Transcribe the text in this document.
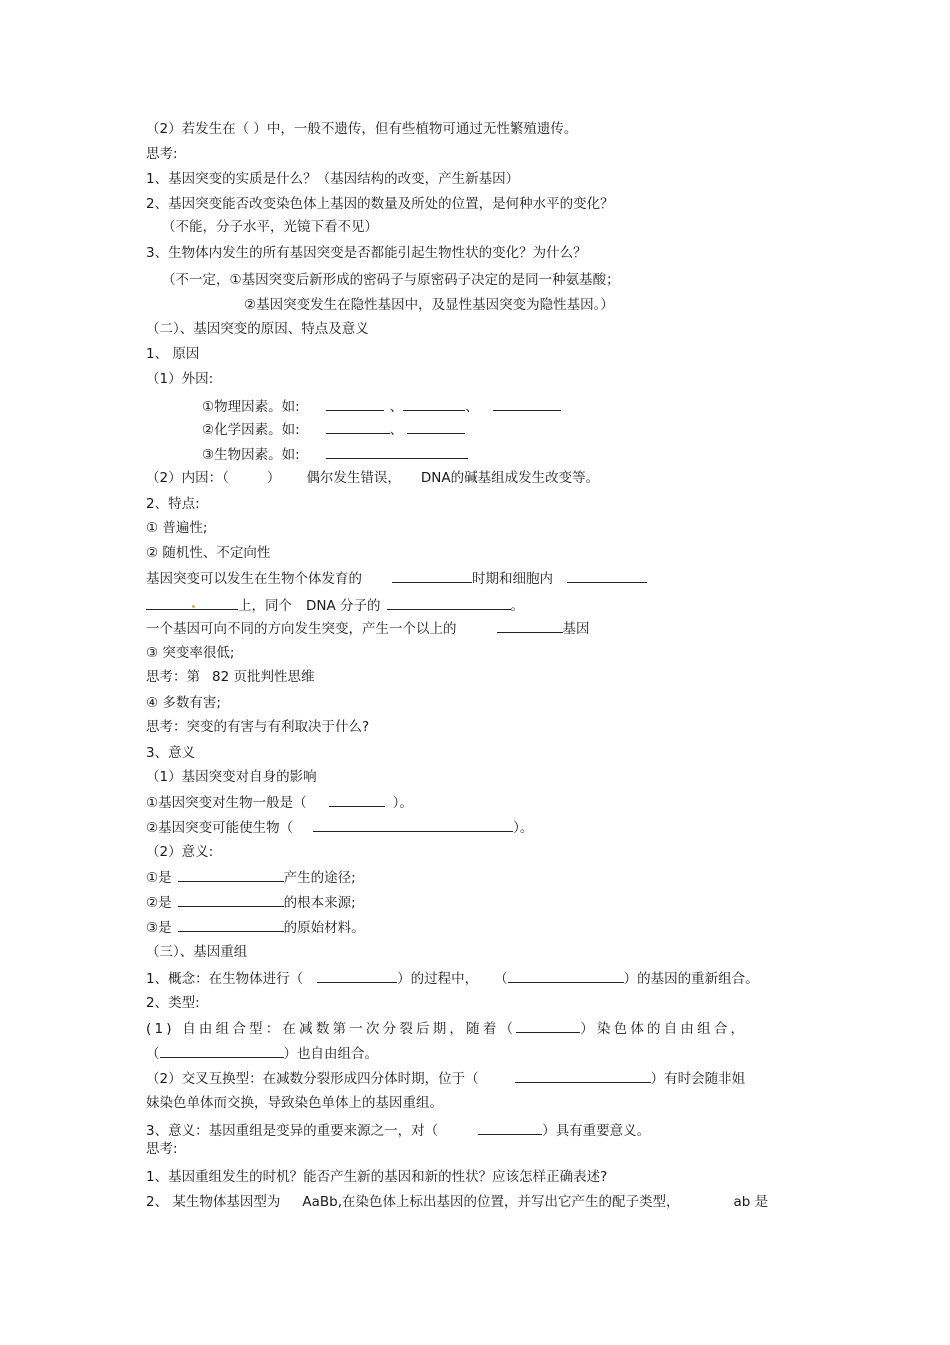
（2）若发生在（ ）中，一般不遗传，但有些植物可通过无性繁殖遗传。
思考:
1、基因突变的实质是什么？（基因结构的改变，产生新基因）
2、基因突变能否改变染色体上基因的数量及所处的位置，是何种水平的变化？
（不能，分子水平，光镜下看不见）
3、生物体内发生的所有基因突变是否都能引起生物性状的变化？为什么？
（不一定，①基因突变后新形成的密码子与原密码子决定的是同一种氨基酸；
②基因突变发生在隐性基因中，及显性基因突变为隐性基因。）
（二）、基因突变的原因、特点及意义
1、 原因
（1）外因:
①物理因素。如:	、	、
②化学因素。如:	、
③生物因素。如:
（2）内因：（	） 偶尔发生错误， DNA的碱基组成发生改变等。
2、特点:
① 普遍性;
② 随机性、不定向性
基因突变可以发生在生物个体发育的	时期和细胞内
上，同个 DNA 分子的	。
一个基因可向不同的方向发生突变，产生一个以上的	基因
③ 突变率很低;
思考：第 82 页批判性思维
④ 多数有害;
思考：突变的有害与有利取决于什么?
3、意义
（1）基因突变对自身的影响
①基因突变对生物一般是（	）。
②基因突变可能使生物（	）。
（2）意义:
①是	产生的途径;
②是	的根本来源;
③是	的原始材料。
（三）、基因重组
1、概念：在生物体进行（	）的过程中， （	）的基因的重新组合。
2、类型:
(1) 自由组合型：在减数第一次分裂后期，随着（	）染色体的自由组合，
（	）也自由组合。
（2）交叉互换型：在减数分裂形成四分体时期，位于（	）有时会随非姐
妹染色单体而交换，导致染色单体上的基因重组。
3、意义：基因重组是变异的重要来源之一，对（	）具有重要意义。
思考:
1、基因重组发生的时机？能否产生新的基因和新的性状？应该怎样正确表述?
2、 某生物体基因型为 AaBb,在染色体上标出基因的位置，并写出它产生的配子类型，	ab 是
